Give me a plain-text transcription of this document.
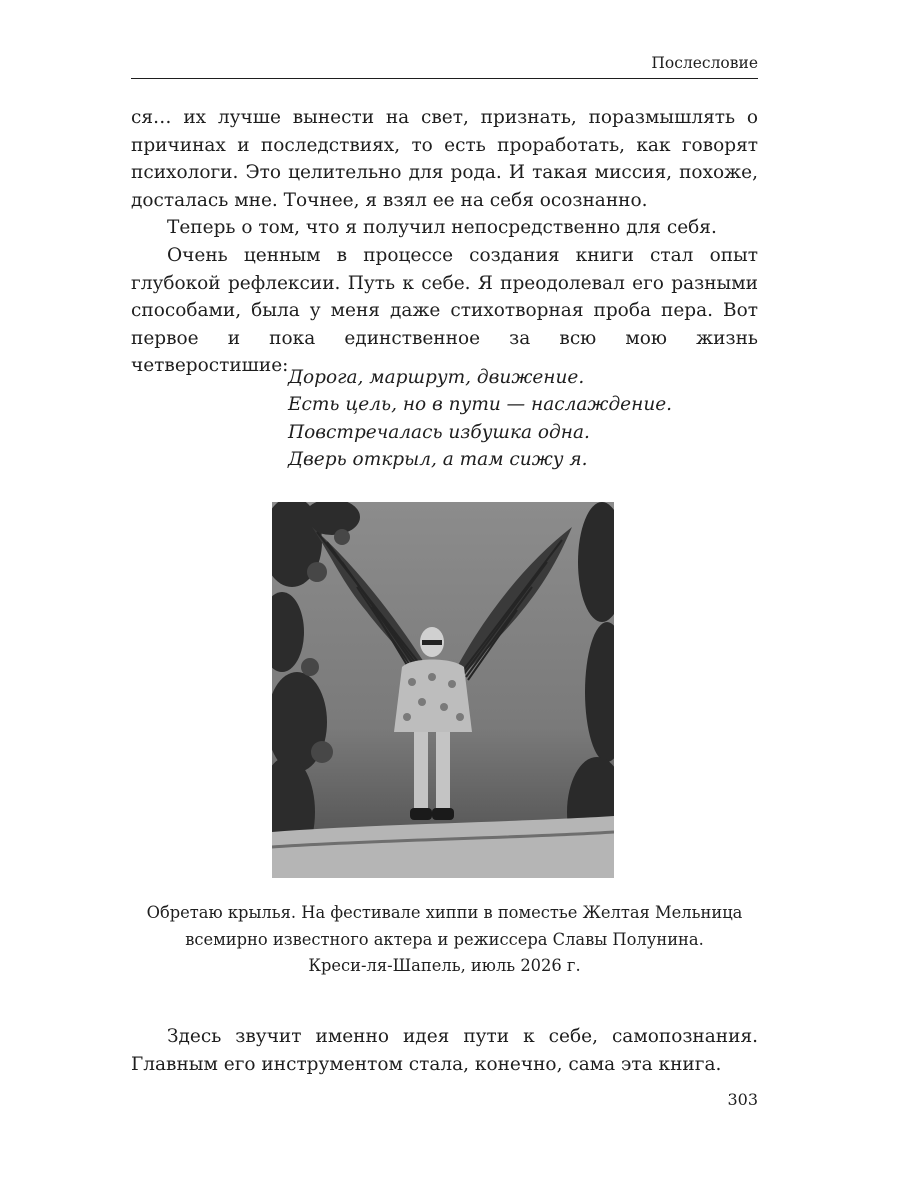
Послесловие

ся… их лучше вынести на свет, признать, поразмышлять о причинах и последствиях, то есть проработать, как говорят психологи. Это целительно для рода. И такая миссия, похоже, досталась мне. Точнее, я взял ее на себя осознанно.

Теперь о том, что я получил непосредственно для себя.

Очень ценным в процессе создания книги стал опыт глубокой рефлексии. Путь к себе. Я преодолевал его разными способами, была у меня даже стихотворная проба пера. Вот первое и пока единственное за всю мою жизнь четверостишие:

Дорога, маршрут, движение.
Есть цель, но в пути — наслаждение.
Повстречалась избушка одна.
Дверь открыл, а там сижу я.
Обретаю крылья. На фестивале хиппи в поместье Желтая Мельница
всемирно известного актера и режиссера Славы Полунина.
Креси-ля-Шапель, июль 2026 г.

Здесь звучит именно идея пути к себе, самопознания. Главным его инструментом стала, конечно, сама эта книга.

303
